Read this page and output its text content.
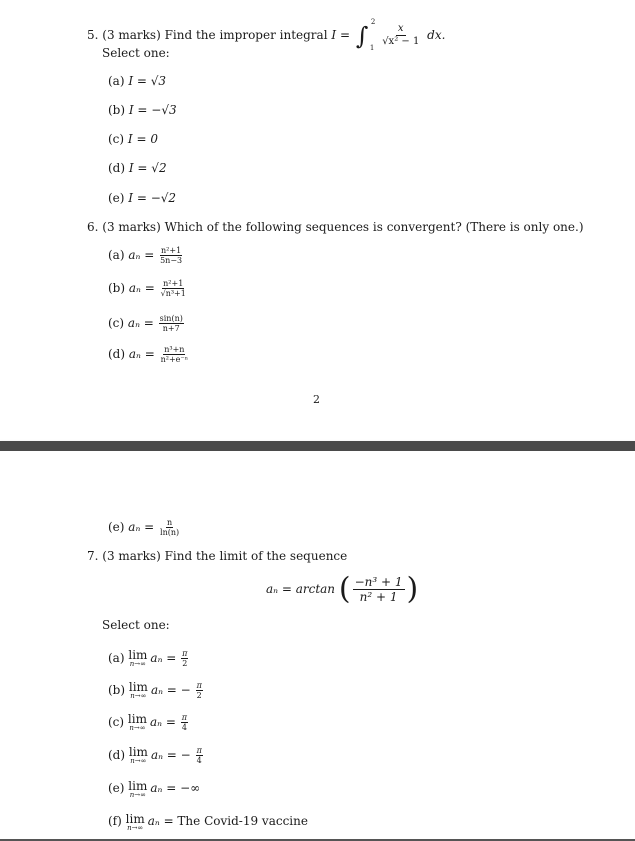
5. (3 marks) Find the improper integral I = ∫ 2
1
$\frac{x}{\text{√x² − 1}}$ dx.
Select one:
(a) I = √3
(b) I = −√3
(c) I = 0
(d) I = √2
(e) I = −√2
6. (3 marks) Which of the following sequences is convergent? (There is only one.)
(a) $a_n = \frac{\text{n²+1}}{5n-3}$
(b) $a_n = \frac{\text{n²+1}}{\text{√n³+1}}$
(c) $a_n = \frac{\sin(n)}{n+7}$
(d) $a_n = \frac{\text{n³+n}}{\text{n²+e⁻ⁿ}}$
2
(e) $a_n = \frac{n}{\ln(n)}$
7. (3 marks) Find the limit of the sequence
aₙ = arctan ( $\frac{\text{−n³ + 1}}{\text{n² + 1}}$ )
Select one:
(a) lim
n→∞ $a_n = \frac{\pi}{2}$
(b) lim
n→∞ aₙ = − $\frac{\pi}{2}$
(c) lim
n→∞ $a_n = \frac{\pi}{4}$
(d) lim
n→∞ aₙ = − $\frac{\pi}{4}$
(e) lim
n→∞ aₙ = −∞
(f) lim
n→∞ aₙ = The Covid-19 vaccine
